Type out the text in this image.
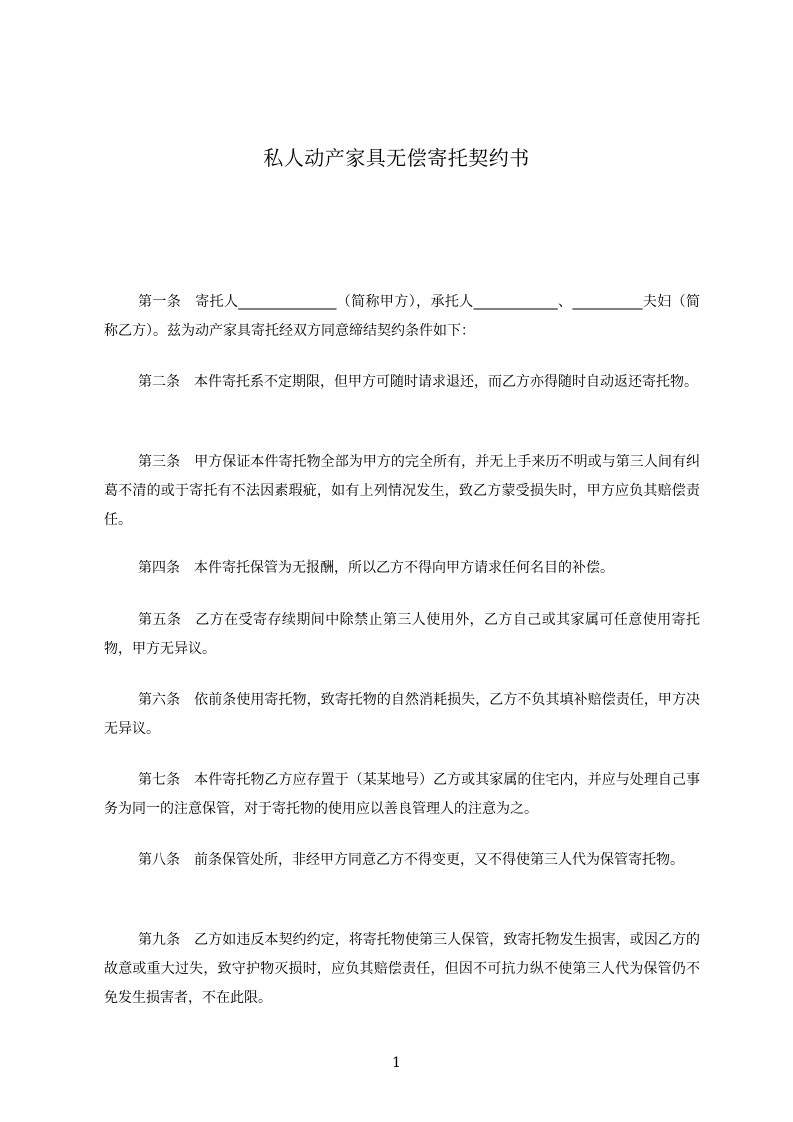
私人动产家具无偿寄托契约书

第一条 寄托人______________（简称甲方），承托人____________、__________夫妇（简称乙方）。兹为动产家具寄托经双方同意缔结契约条件如下：

第二条 本件寄托系不定期限，但甲方可随时请求退还，而乙方亦得随时自动返还寄托物。

第三条 甲方保证本件寄托物全部为甲方的完全所有，并无上手来历不明或与第三人间有纠葛不清的或于寄托有不法因素瑕疵，如有上列情况发生，致乙方蒙受损失时，甲方应负其赔偿责任。

第四条 本件寄托保管为无报酬，所以乙方不得向甲方请求任何名目的补偿。

第五条 乙方在受寄存续期间中除禁止第三人使用外，乙方自己或其家属可任意使用寄托物，甲方无异议。

第六条 依前条使用寄托物，致寄托物的自然消耗损失，乙方不负其填补赔偿责任，甲方决无异议。

第七条 本件寄托物乙方应存置于（某某地号）乙方或其家属的住宅内，并应与处理自己事务为同一的注意保管，对于寄托物的使用应以善良管理人的注意为之。

第八条 前条保管处所，非经甲方同意乙方不得变更，又不得使第三人代为保管寄托物。

第九条 乙方如违反本契约约定，将寄托物使第三人保管，致寄托物发生损害，或因乙方的故意或重大过失，致守护物灭损时，应负其赔偿责任，但因不可抗力纵不使第三人代为保管仍不免发生损害者，不在此限。

1
